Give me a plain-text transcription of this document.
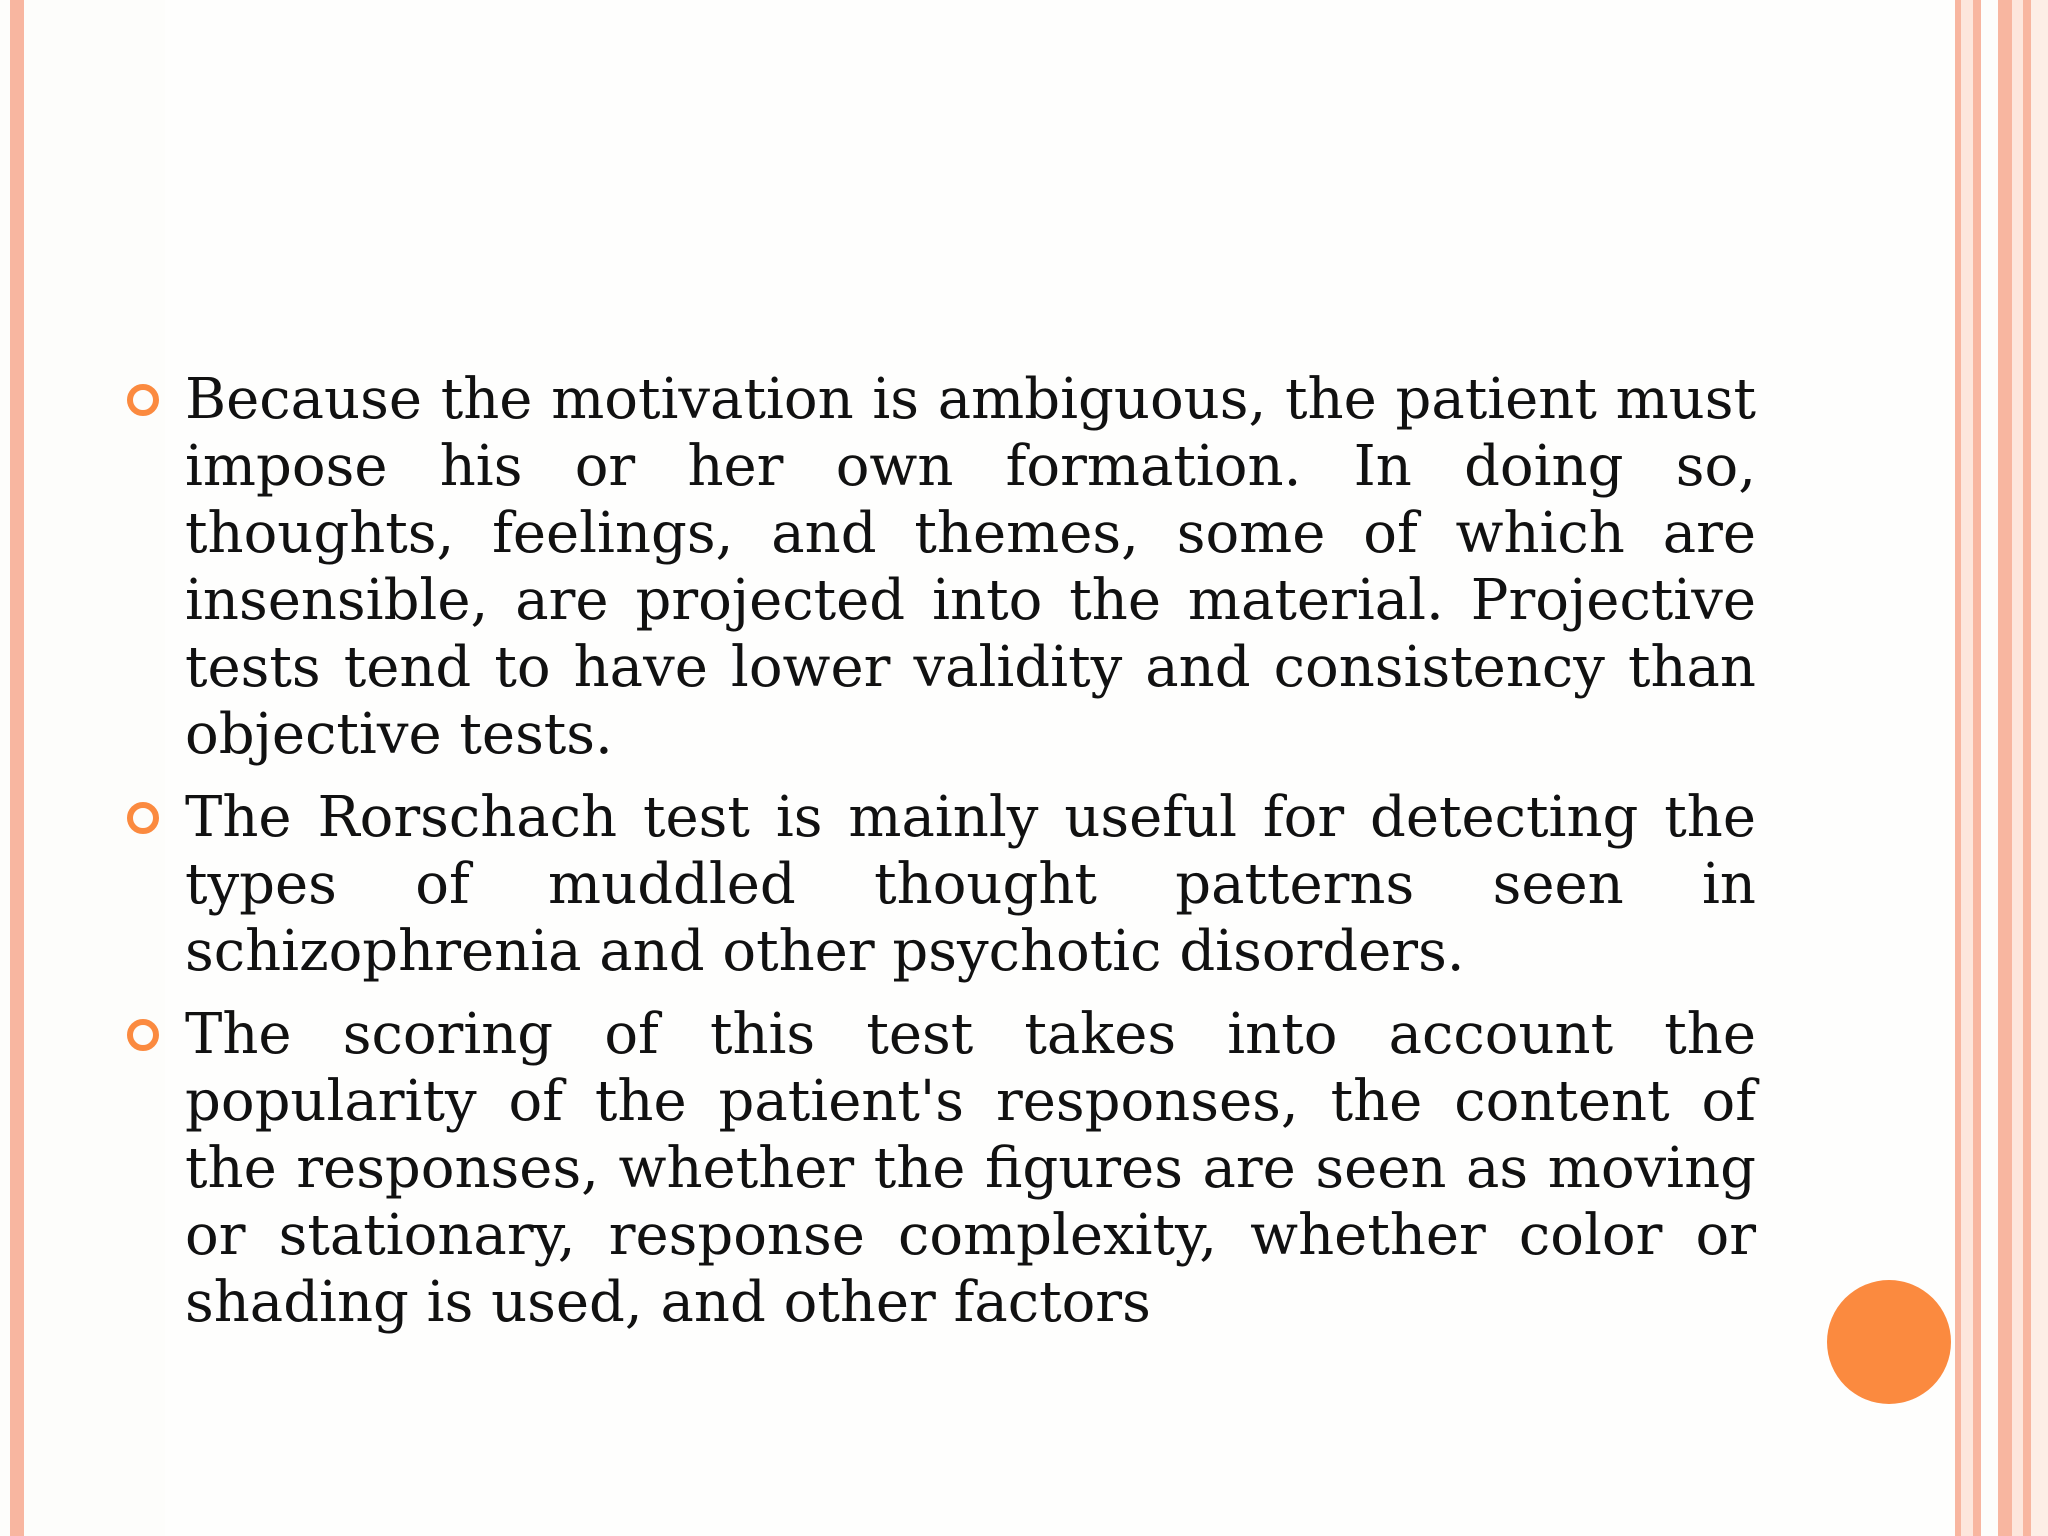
Because the motivation is ambiguous, the patient must impose his or her own formation. In doing so, thoughts, feelings, and themes, some of which are insensible, are projected into the material. Projective tests tend to have lower validity and consistency than objective tests.
The Rorschach test is mainly useful for detecting the types of muddled thought patterns seen in schizophrenia and other psychotic disorders.
The scoring of this test takes into account the popularity of the patient's responses, the content of the responses, whether the figures are seen as moving or stationary, response complexity, whether color or shading is used, and other factors
